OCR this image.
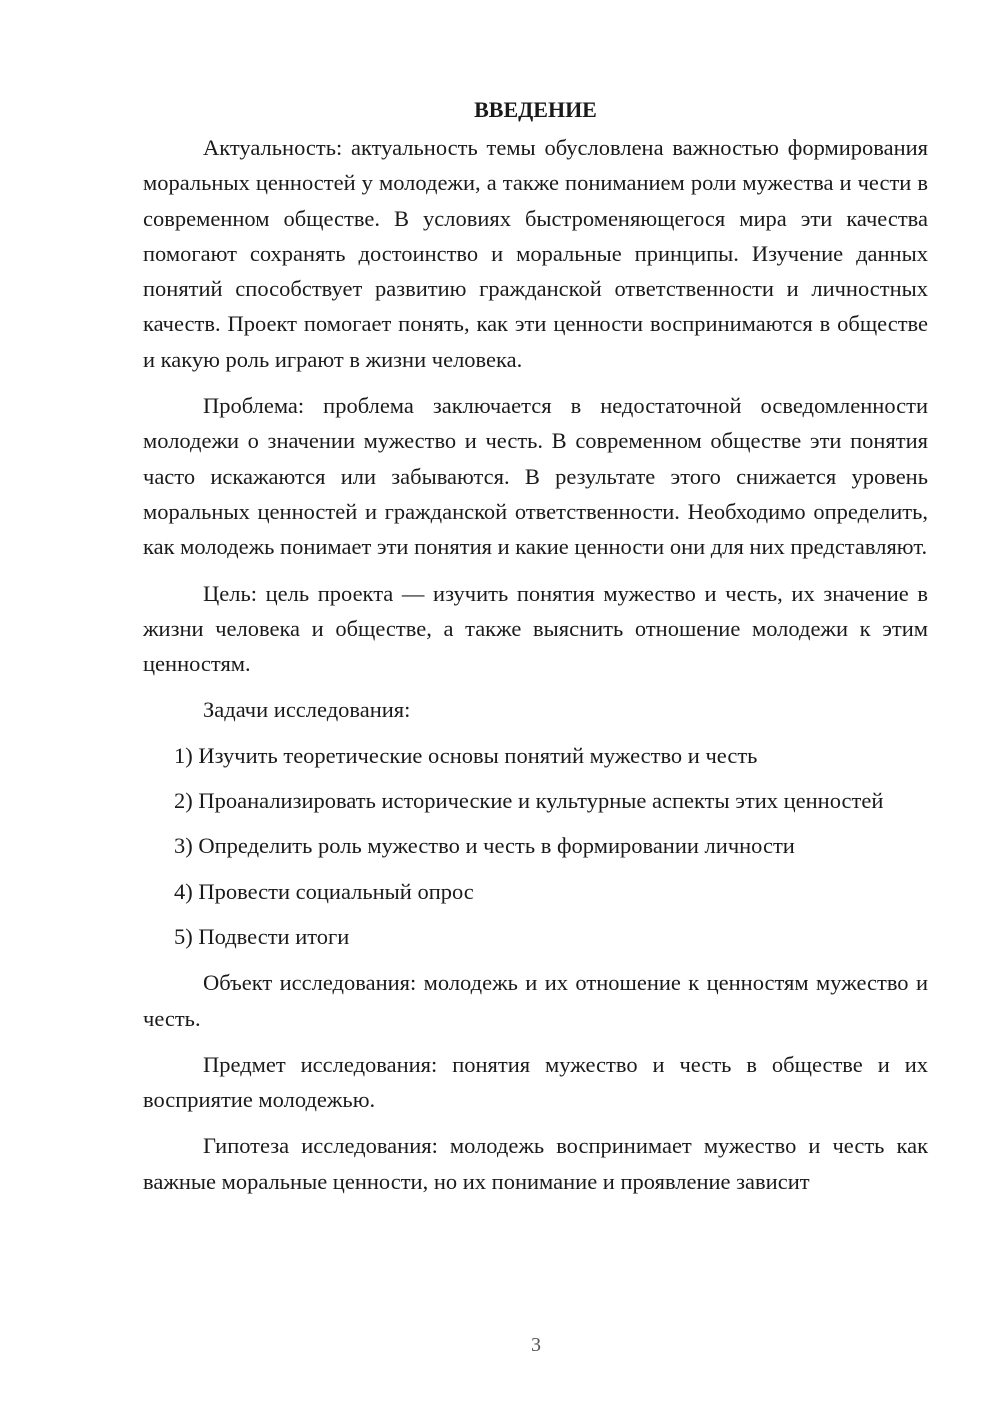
ВВЕДЕНИЕ

Актуальность: актуальность темы обусловлена важностью формирования моральных ценностей у молодежи, а также пониманием роли мужества и чести в современном обществе. В условиях быстроменяющегося мира эти качества помогают сохранять достоинство и моральные принципы. Изучение данных понятий способствует развитию гражданской ответственности и личностных качеств. Проект помогает понять, как эти ценности воспринимаются в обществе и какую роль играют в жизни человека.

Проблема: проблема заключается в недостаточной осведомленности молодежи о значении мужество и честь. В современном обществе эти понятия часто искажаются или забываются. В результате этого снижается уровень моральных ценностей и гражданской ответственности. Необходимо определить, как молодежь понимает эти понятия и какие ценности они для них представляют.

Цель: цель проекта — изучить понятия мужество и честь, их значение в жизни человека и обществе, а также выяснить отношение молодежи к этим ценностям.

Задачи исследования:

1) Изучить теоретические основы понятий мужество и честь

2) Проанализировать исторические и культурные аспекты этих ценностей

3) Определить роль мужество и честь в формировании личности

4) Провести социальный опрос

5) Подвести итоги

Объект исследования: молодежь и их отношение к ценностям мужество и честь.

Предмет исследования: понятия мужество и честь в обществе и их восприятие молодежью.

Гипотеза исследования: молодежь воспринимает мужество и честь как важные моральные ценности, но их понимание и проявление зависит

3
